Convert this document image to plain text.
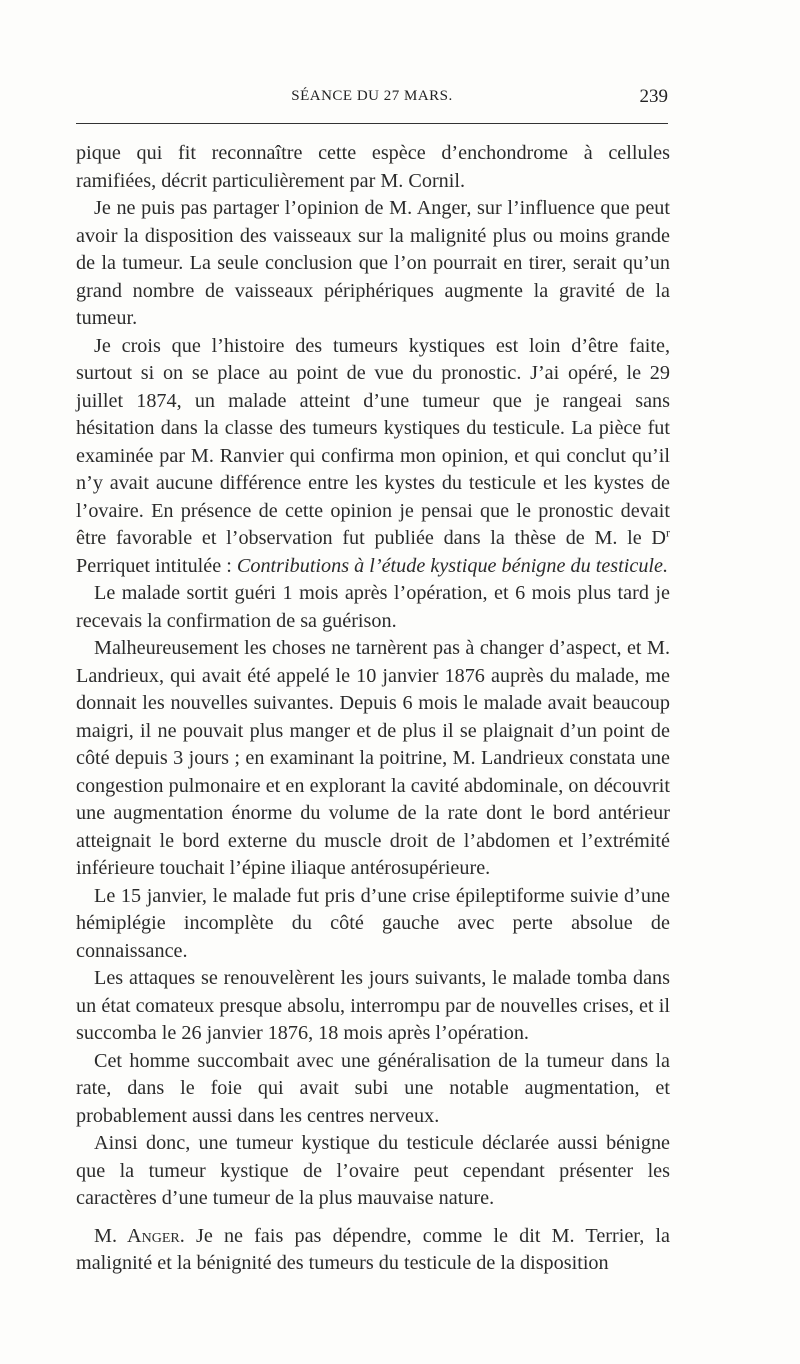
SÉANCE DU 27 MARS.	239

pique qui fit reconnaître cette espèce d’enchondrome à cellules ramifiées, décrit particulièrement par M. Cornil.

Je ne puis pas partager l’opinion de M. Anger, sur l’influence que peut avoir la disposition des vaisseaux sur la malignité plus ou moins grande de la tumeur. La seule conclusion que l’on pourrait en tirer, serait qu’un grand nombre de vaisseaux périphériques augmente la gravité de la tumeur.

Je crois que l’histoire des tumeurs kystiques est loin d’être faite, surtout si on se place au point de vue du pronostic. J’ai opéré, le 29 juillet 1874, un malade atteint d’une tumeur que je rangeai sans hésitation dans la classe des tumeurs kystiques du testicule. La pièce fut examinée par M. Ranvier qui confirma mon opinion, et qui conclut qu’il n’y avait aucune différence entre les kystes du testicule et les kystes de l’ovaire. En présence de cette opinion je pensai que le pronostic devait être favorable et l’observation fut publiée dans la thèse de M. le $D^r$ Perriquet intitulée : Contributions à l’étude kystique bénigne du testicule.

Le malade sortit guéri 1 mois après l’opération, et 6 mois plus tard je recevais la confirmation de sa guérison.

Malheureusement les choses ne tarnèrent pas à changer d’aspect, et M. Landrieux, qui avait été appelé le 10 janvier 1876 auprès du malade, me donnait les nouvelles suivantes. Depuis 6 mois le malade avait beaucoup maigri, il ne pouvait plus manger et de plus il se plaignait d’un point de côté depuis 3 jours ; en examinant la poitrine, M. Landrieux constata une congestion pulmonaire et en explorant la cavité abdominale, on découvrit une augmentation énorme du volume de la rate dont le bord antérieur atteignait le bord externe du muscle droit de l’abdomen et l’extrémité inférieure touchait l’épine iliaque antérosupérieure.

Le 15 janvier, le malade fut pris d’une crise épileptiforme suivie d’une hémiplégie incomplète du côté gauche avec perte absolue de connaissance.

Les attaques se renouvelèrent les jours suivants, le malade tomba dans un état comateux presque absolu, interrompu par de nouvelles crises, et il succomba le 26 janvier 1876, 18 mois après l’opération.

Cet homme succombait avec une généralisation de la tumeur dans la rate, dans le foie qui avait subi une notable augmentation, et probablement aussi dans les centres nerveux.

Ainsi donc, une tumeur kystique du testicule déclarée aussi bénigne que la tumeur kystique de l’ovaire peut cependant présenter les caractères d’une tumeur de la plus mauvaise nature.

M. Anger. Je ne fais pas dépendre, comme le dit M. Terrier, la malignité et la bénignité des tumeurs du testicule de la disposition
